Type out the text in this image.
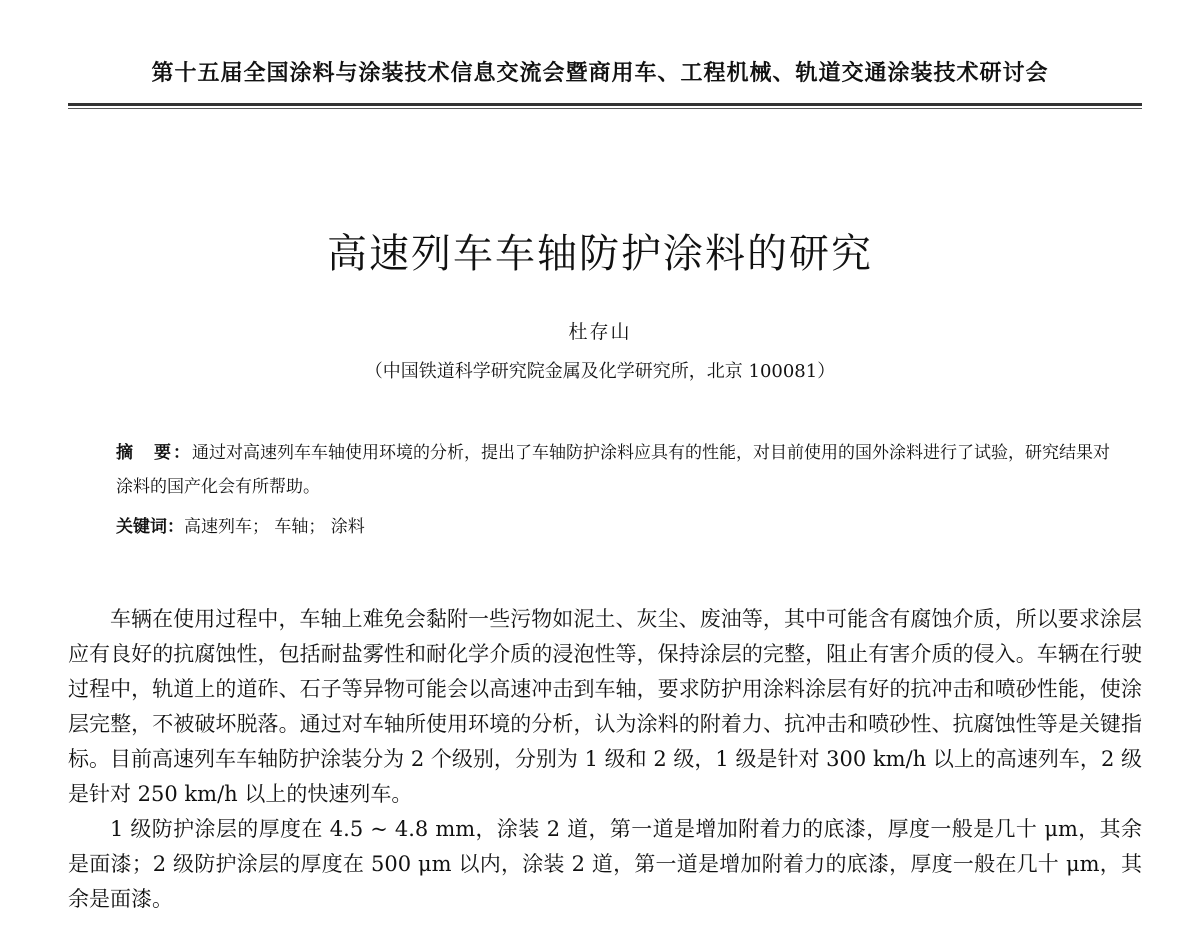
第十五届全国涂料与涂装技术信息交流会暨商用车、工程机械、轨道交通涂装技术研讨会
高速列车车轴防护涂料的研究
杜存山
（中国铁道科学研究院金属及化学研究所，北京 100081）

摘　要：通过对高速列车车轴使用环境的分析，提出了车轴防护涂料应具有的性能，对目前使用的国外涂料进行了试验，研究结果对涂料的国产化会有所帮助。

关键词：高速列车； 车轴； 涂料

车辆在使用过程中，车轴上难免会黏附一些污物如泥土、灰尘、废油等，其中可能含有腐蚀介质，所以要求涂层应有良好的抗腐蚀性，包括耐盐雾性和耐化学介质的浸泡性等，保持涂层的完整，阻止有害介质的侵入。车辆在行驶过程中，轨道上的道砟、石子等异物可能会以高速冲击到车轴，要求防护用涂料涂层有好的抗冲击和喷砂性能，使涂层完整，不被破坏脱落。通过对车轴所使用环境的分析，认为涂料的附着力、抗冲击和喷砂性、抗腐蚀性等是关键指标。目前高速列车车轴防护涂装分为 2 个级别，分别为 1 级和 2 级，1 级是针对 300 km/h 以上的高速列车，2 级是针对 250 km/h 以上的快速列车。

1 级防护涂层的厚度在 4.5 ~ 4.8 mm，涂装 2 道，第一道是增加附着力的底漆，厚度一般是几十 μm，其余是面漆；2 级防护涂层的厚度在 500 μm 以内，涂装 2 道，第一道是增加附着力的底漆，厚度一般在几十 μm，其余是面漆。
